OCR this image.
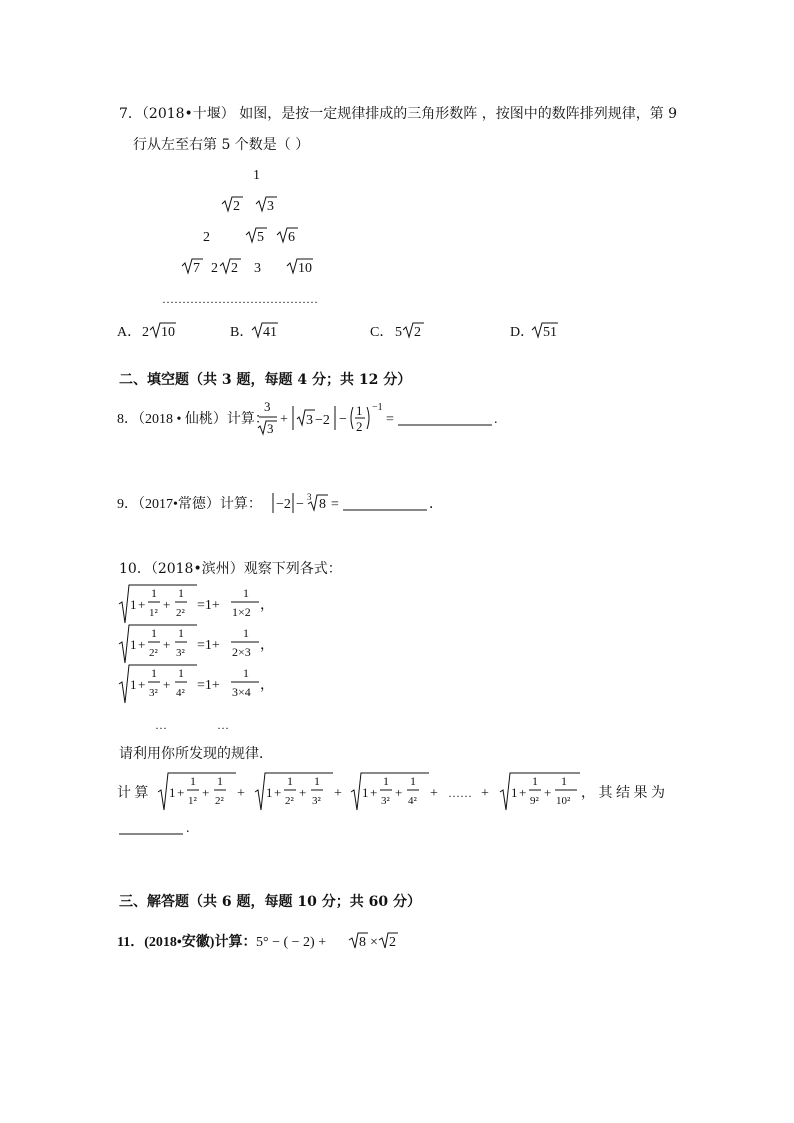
7．（2018•十堰） 如图，是按一定规律排成的三角形数阵 ，按图中的数阵排列规律，第 9
行从左至右第 5 个数是（ ）
1
2 3
2	5 6
7 2 2 3	10
…………………………………
A． 2 10	B． 41	C． 5 2	D． 51
二、填空题（共 3 题，每题 4 分；共 12 分）
8．（2018 • 仙桃）计算：
3
3
+ 3 −2 −
1
2
−1
=	.
9．（2017•常德）计算： −2 − 3 8 =	．
10．（2018•滨州）观察下列各式：
1 +
1
1²
+
1
2² =1+
1
1×2 ，
1 +
1
2²
+
1
3² =1+
1
2×3 ，
1 +
1
3²
+
1
4² =1+
1
3×4 ，
…	…
请利用你所发现的规律．
计 算 1 +
1
1²
+
1
2² + 1 +
1
2²
+
1
3² + 1 +
1
3²
+
1
4² + …… + 1 +
1
9²
+
1
10² ， 其 结 果 为
.
三、解答题（共 6 题，每题 10 分；共 60 分）
11．(2018•安徽)计算： 5° − ( − 2) + 8 × 2
